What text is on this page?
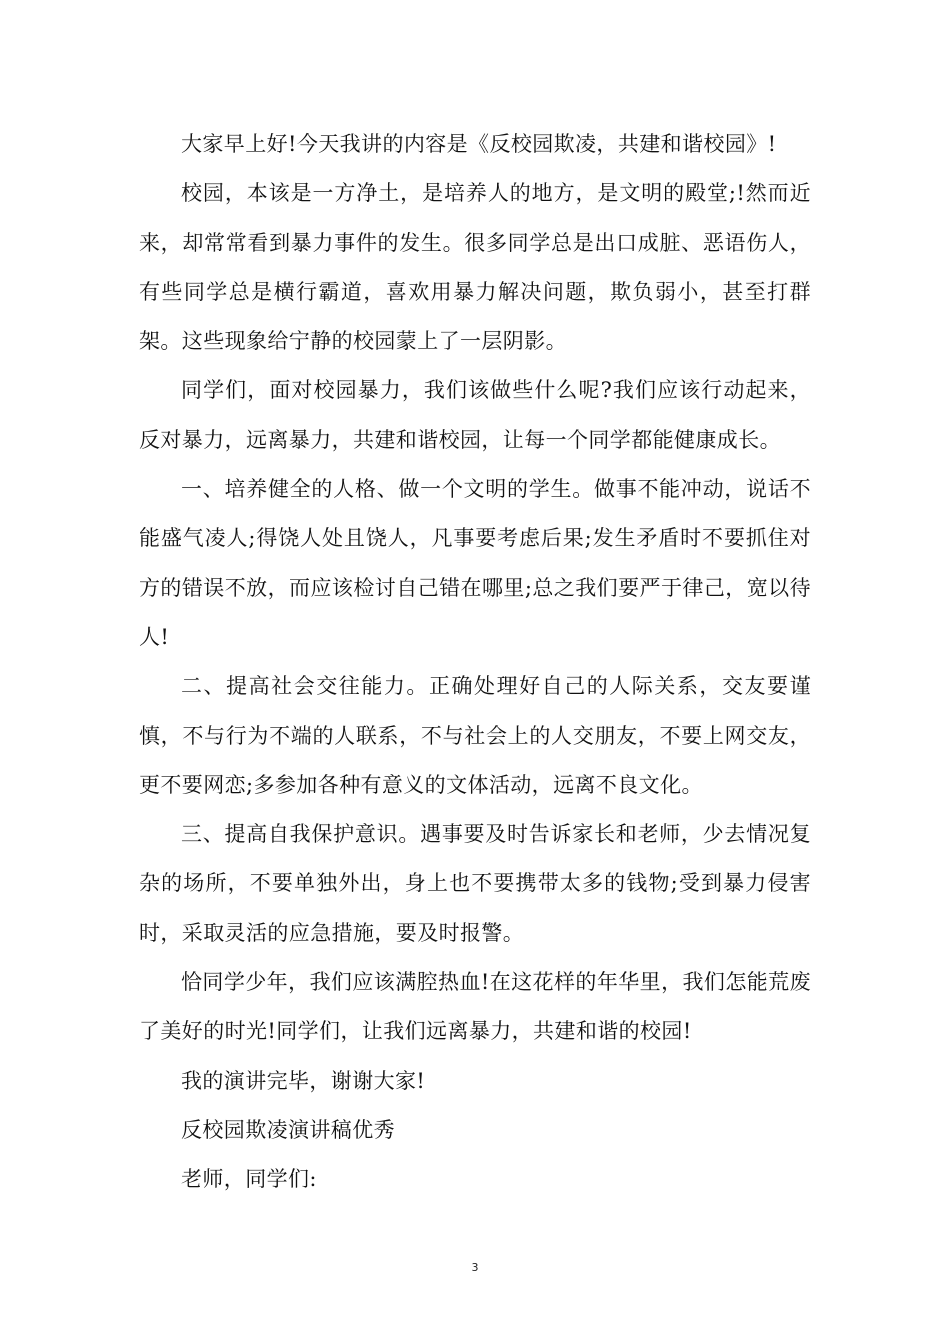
大家早上好!今天我讲的内容是《反校园欺凌，共建和谐校园》!

校园，本该是一方净土，是培养人的地方，是文明的殿堂;!然而近来，却常常看到暴力事件的发生。很多同学总是出口成脏、恶语伤人，有些同学总是横行霸道，喜欢用暴力解决问题，欺负弱小，甚至打群架。这些现象给宁静的校园蒙上了一层阴影。

同学们，面对校园暴力，我们该做些什么呢?我们应该行动起来，反对暴力，远离暴力，共建和谐校园，让每一个同学都能健康成长。

一、培养健全的人格、做一个文明的学生。做事不能冲动，说话不能盛气凌人;得饶人处且饶人，凡事要考虑后果;发生矛盾时不要抓住对方的错误不放，而应该检讨自己错在哪里;总之我们要严于律己，宽以待人!

二、提高社会交往能力。正确处理好自己的人际关系，交友要谨慎，不与行为不端的人联系，不与社会上的人交朋友，不要上网交友，更不要网恋;多参加各种有意义的文体活动，远离不良文化。

三、提高自我保护意识。遇事要及时告诉家长和老师，少去情况复杂的场所，不要单独外出，身上也不要携带太多的钱物;受到暴力侵害时，采取灵活的应急措施，要及时报警。

恰同学少年，我们应该满腔热血!在这花样的年华里，我们怎能荒废了美好的时光!同学们，让我们远离暴力，共建和谐的校园!

我的演讲完毕，谢谢大家!

反校园欺凌演讲稿优秀

老师，同学们:

3
